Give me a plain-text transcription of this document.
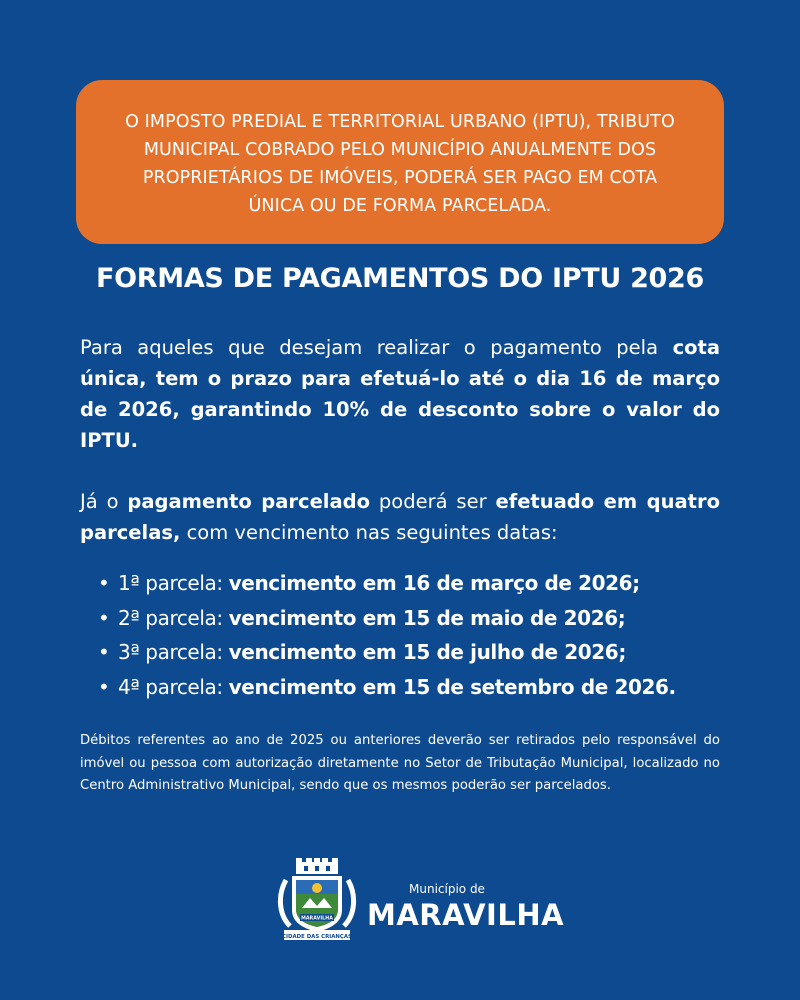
O IMPOSTO PREDIAL E TERRITORIAL URBANO (IPTU), TRIBUTO MUNICIPAL COBRADO PELO MUNICÍPIO ANUALMENTE DOS PROPRIETÁRIOS DE IMÓVEIS, PODERÁ SER PAGO EM COTA ÚNICA OU DE FORMA PARCELADA.
FORMAS DE PAGAMENTOS DO IPTU 2026
Para aqueles que desejam realizar o pagamento pela cota única, tem o prazo para efetuá-lo até o dia 16 de março de 2026, garantindo 10% de desconto sobre o valor do IPTU.
Já o pagamento parcelado poderá ser efetuado em quatro parcelas, com vencimento nas seguintes datas:
• 1ª parcela: vencimento em 16 de março de 2026;
• 2ª parcela: vencimento em 15 de maio de 2026;
• 3ª parcela: vencimento em 15 de julho de 2026;
• 4ª parcela: vencimento em 15 de setembro de 2026.
Débitos referentes ao ano de 2025 ou anteriores deverão ser retirados pelo responsável do imóvel ou pessoa com autorização diretamente no Setor de Tributação Municipal, localizado no Centro Administrativo Municipal, sendo que os mesmos poderão ser parcelados.
CIDADE DAS CRIANÇAS
MARAVILHA
Município de
MARAVILHA
